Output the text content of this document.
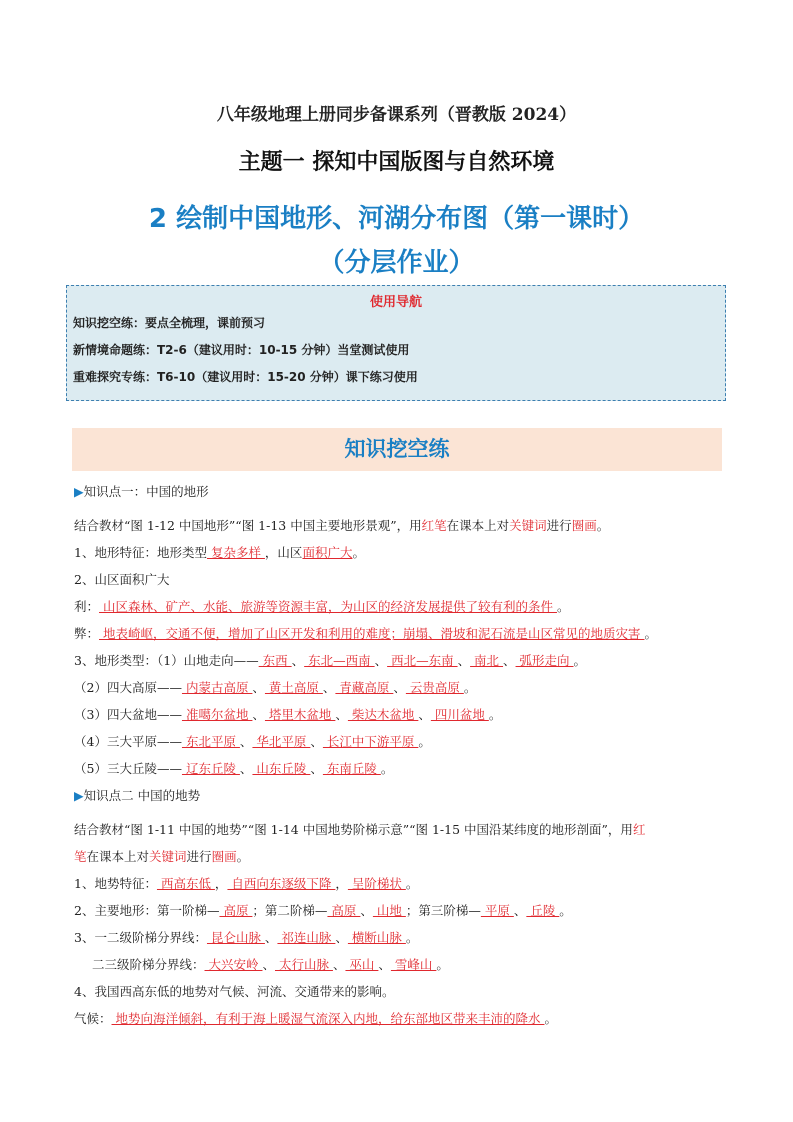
八年级地理上册同步备课系列（晋教版 2024）
主题一 探知中国版图与自然环境
2 绘制中国地形、河湖分布图（第一课时）
（分层作业）
使用导航
知识挖空练：要点全梳理，课前预习
新情境命题练：T2-6（建议用时：10-15 分钟）当堂测试使用
重难探究专练：T6-10（建议用时：15-20 分钟）课下练习使用
知识挖空练
▶知识点一：中国的地形
结合教材“图 1-12 中国地形”“图 1-13 中国主要地形景观”，用红笔在课本上对关键词进行圈画。
1、地形特征：地形类型 复杂多样 ，山区面积广大。
2、山区面积广大
利： 山区森林、矿产、水能、旅游等资源丰富，为山区的经济发展提供了较有利的条件 。
弊： 地表崎岖，交通不便，增加了山区开发和利用的难度；崩塌、滑坡和泥石流是山区常见的地质灾害 。
3、地形类型：（1）山地走向—— 东西 、 东北—西南 、 西北—东南 、 南北 、 弧形走向 。
（2）四大高原—— 内蒙古高原 、 黄土高原 、 青藏高原 、 云贵高原 。
（3）四大盆地—— 准噶尔盆地 、 塔里木盆地 、 柴达木盆地 、 四川盆地 。
（4）三大平原—— 东北平原 、 华北平原 、 长江中下游平原 。
（5）三大丘陵—— 辽东丘陵 、 山东丘陵 、 东南丘陵 。
▶知识点二 中国的地势
结合教材“图 1-11 中国的地势”“图 1-14 中国地势阶梯示意”“图 1-15 中国沿某纬度的地形剖面”，用红
笔在课本上对关键词进行圈画。
1、地势特征： 西高东低 ， 自西向东逐级下降 ， 呈阶梯状 。
2、主要地形：第一阶梯— 高原 ；第二阶梯— 高原 、 山地 ；第三阶梯— 平原 、 丘陵 。
3、一二级阶梯分界线： 昆仑山脉 、 祁连山脉 、 横断山脉 。
二三级阶梯分界线： 大兴安岭 、 太行山脉 、 巫山 、 雪峰山 。
4、我国西高东低的地势对气候、河流、交通带来的影响。
气候： 地势向海洋倾斜，有利于海上暖湿气流深入内地，给东部地区带来丰沛的降水 。
